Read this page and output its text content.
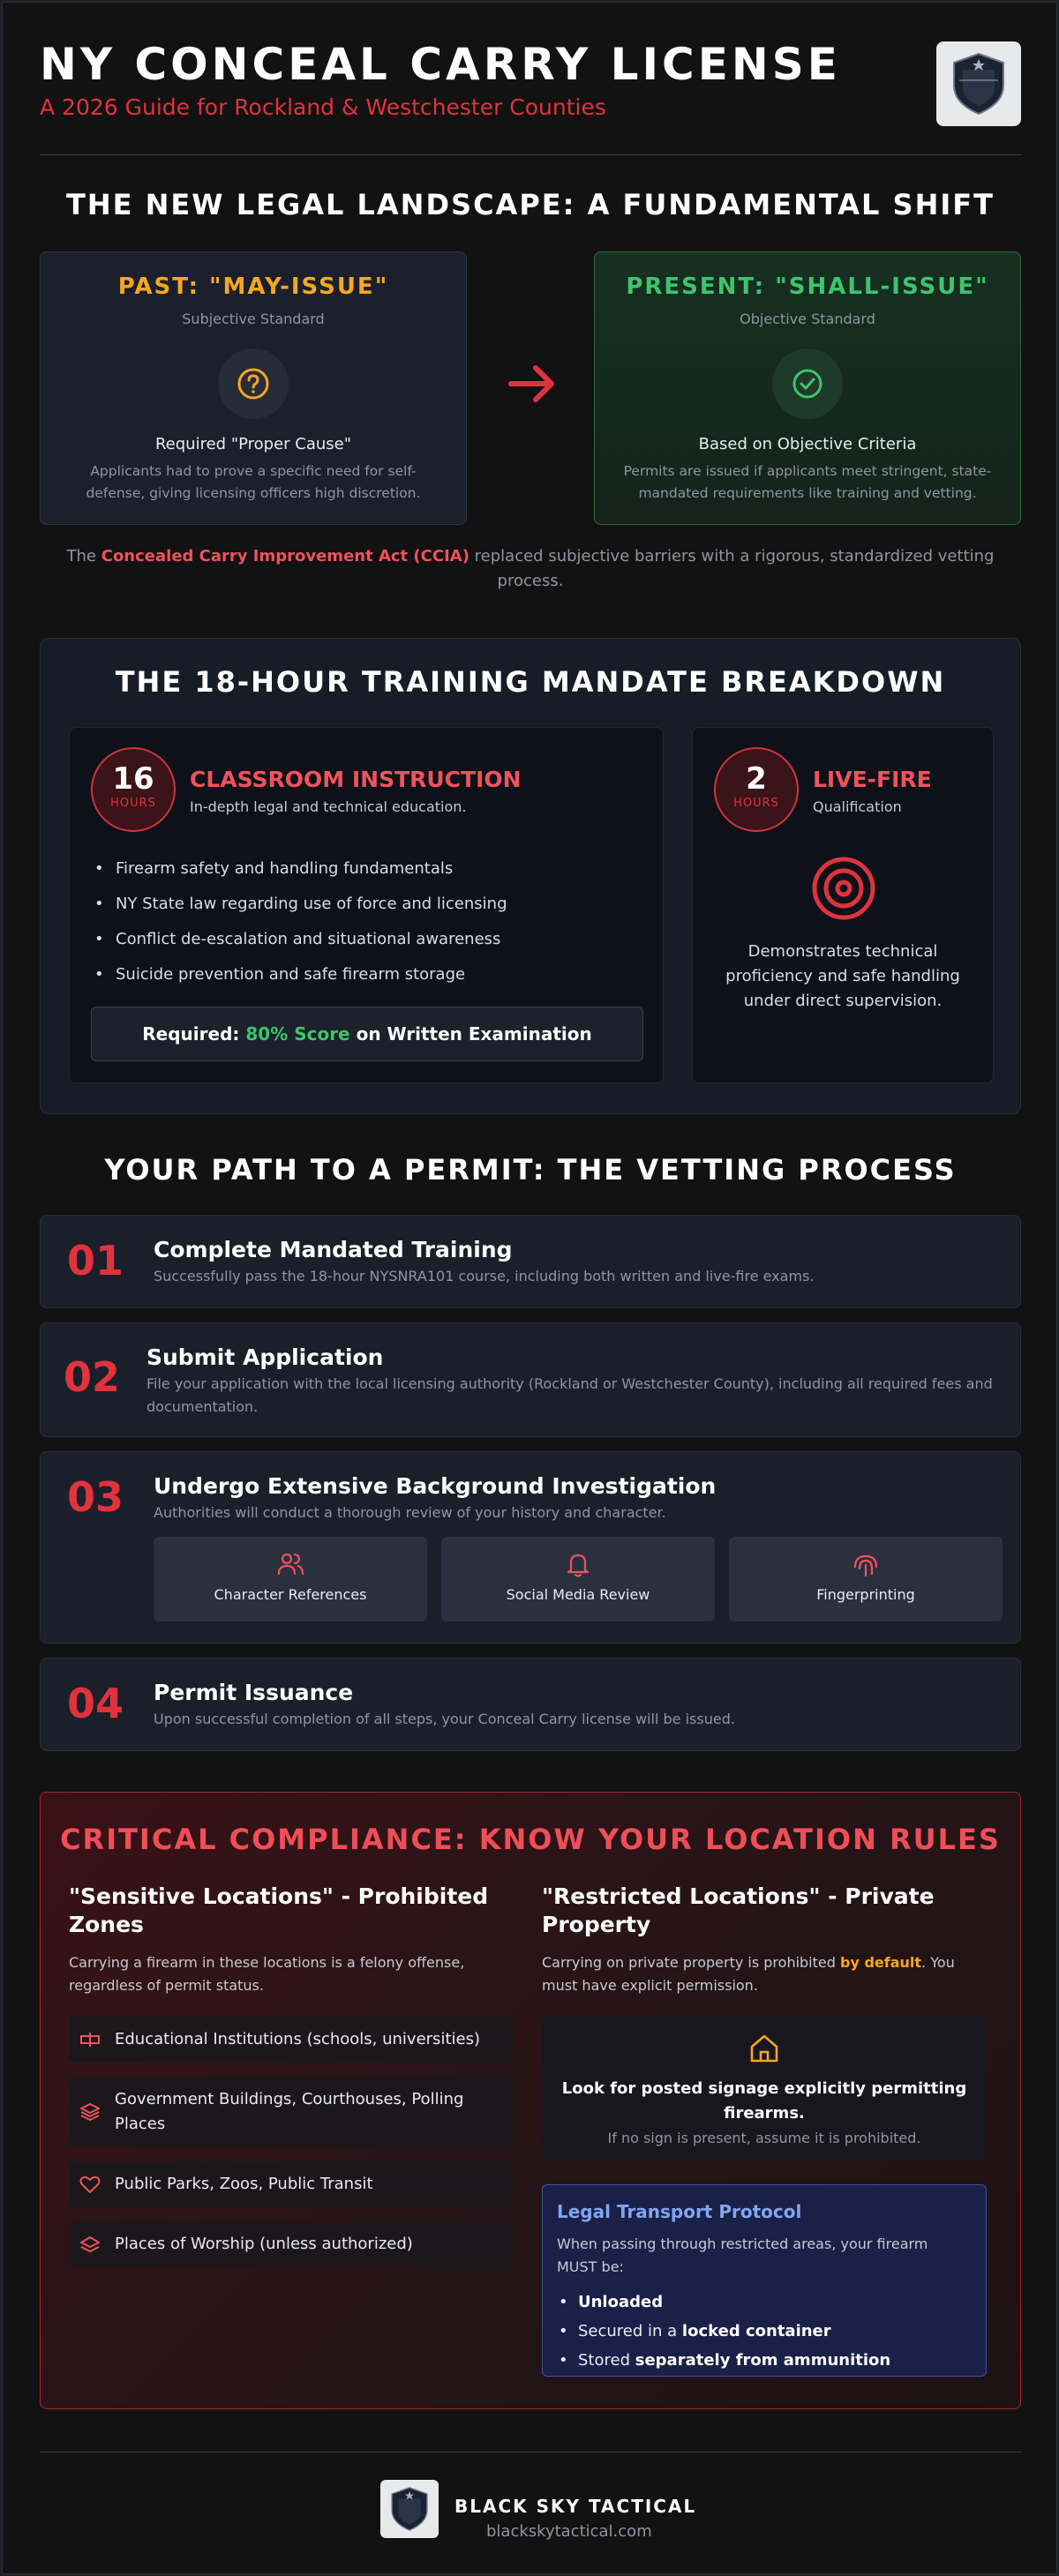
NY CONCEAL CARRY LICENSE
A 2026 Guide for Rockland & Westchester Counties
THE NEW LEGAL LANDSCAPE: A FUNDAMENTAL SHIFT
PAST: "MAY-ISSUE"
Subjective Standard
Required "Proper Cause"
Applicants had to prove a specific need for self-defense, giving licensing officers high discretion.
PRESENT: "SHALL-ISSUE"
Objective Standard
Based on Objective Criteria
Permits are issued if applicants meet stringent, state-mandated requirements like training and vetting.
The Concealed Carry Improvement Act (CCIA) replaced subjective barriers with a rigorous, standardized vetting process.
THE 18-HOUR TRAINING MANDATE BREAKDOWN
16
HOURS
CLASSROOM INSTRUCTION
In-depth legal and technical education.
• Firearm safety and handling fundamentals
• NY State law regarding use of force and licensing
• Conflict de-escalation and situational awareness
• Suicide prevention and safe firearm storage
Required: 80% Score on Written Examination
2
HOURS
LIVE-FIRE
Qualification
Demonstrates technical proficiency and safe handling under direct supervision.
YOUR PATH TO A PERMIT: THE VETTING PROCESS
01 Complete Mandated Training
Successfully pass the 18-hour NYSNRA101 course, including both written and live-fire exams.
02 Submit Application
File your application with the local licensing authority (Rockland or Westchester County), including all required fees and documentation.
03 Undergo Extensive Background Investigation
Authorities will conduct a thorough review of your history and character.
Character References	Social Media Review	Fingerprinting
04 Permit Issuance
Upon successful completion of all steps, your Conceal Carry license will be issued.
CRITICAL COMPLIANCE: KNOW YOUR LOCATION RULES
"Sensitive Locations" - Prohibited Zones
Carrying a firearm in these locations is a felony offense, regardless of permit status.
Educational Institutions (schools, universities)
Government Buildings, Courthouses, Polling Places
Public Parks, Zoos, Public Transit
Places of Worship (unless authorized)
"Restricted Locations" - Private Property
Carrying on private property is prohibited by default. You must have explicit permission.
Look for posted signage explicitly permitting firearms.
If no sign is present, assume it is prohibited.
Legal Transport Protocol
When passing through restricted areas, your firearm MUST be:
• Unloaded
• Secured in a locked container
• Stored separately from ammunition
BLACK SKY TACTICAL
blackskytactical.com
